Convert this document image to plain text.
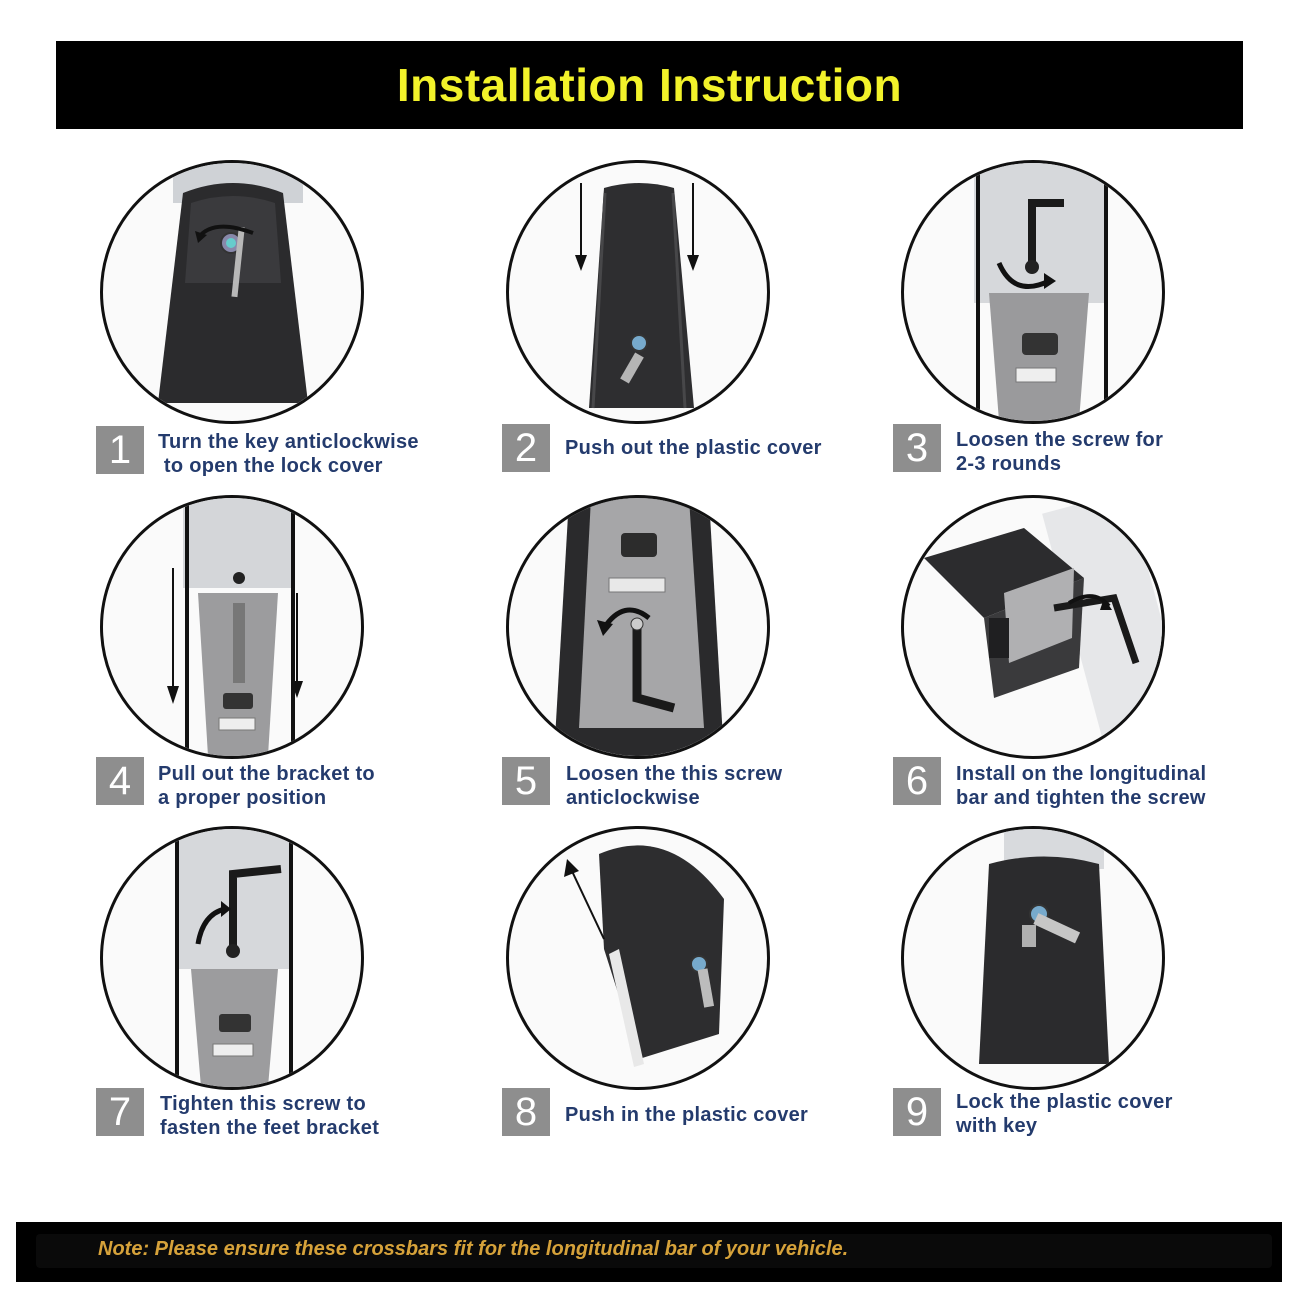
Installation Instruction
1 Turn the key anticlockwise
to open the lock cover	2 Push out the plastic cover 3 Loosen the screw for
2-3 rounds
4 Pull out the bracket to
a proper position	5 Loosen the this screw
anticlockwise	6 Install on the longitudinal
bar and tighten the screw
7 Tighten this screw to
fasten the feet bracket	8 Push in the plastic cover 9 Lock the plastic cover
with key
Note: Please ensure these crossbars fit for the longitudinal bar of your vehicle.
